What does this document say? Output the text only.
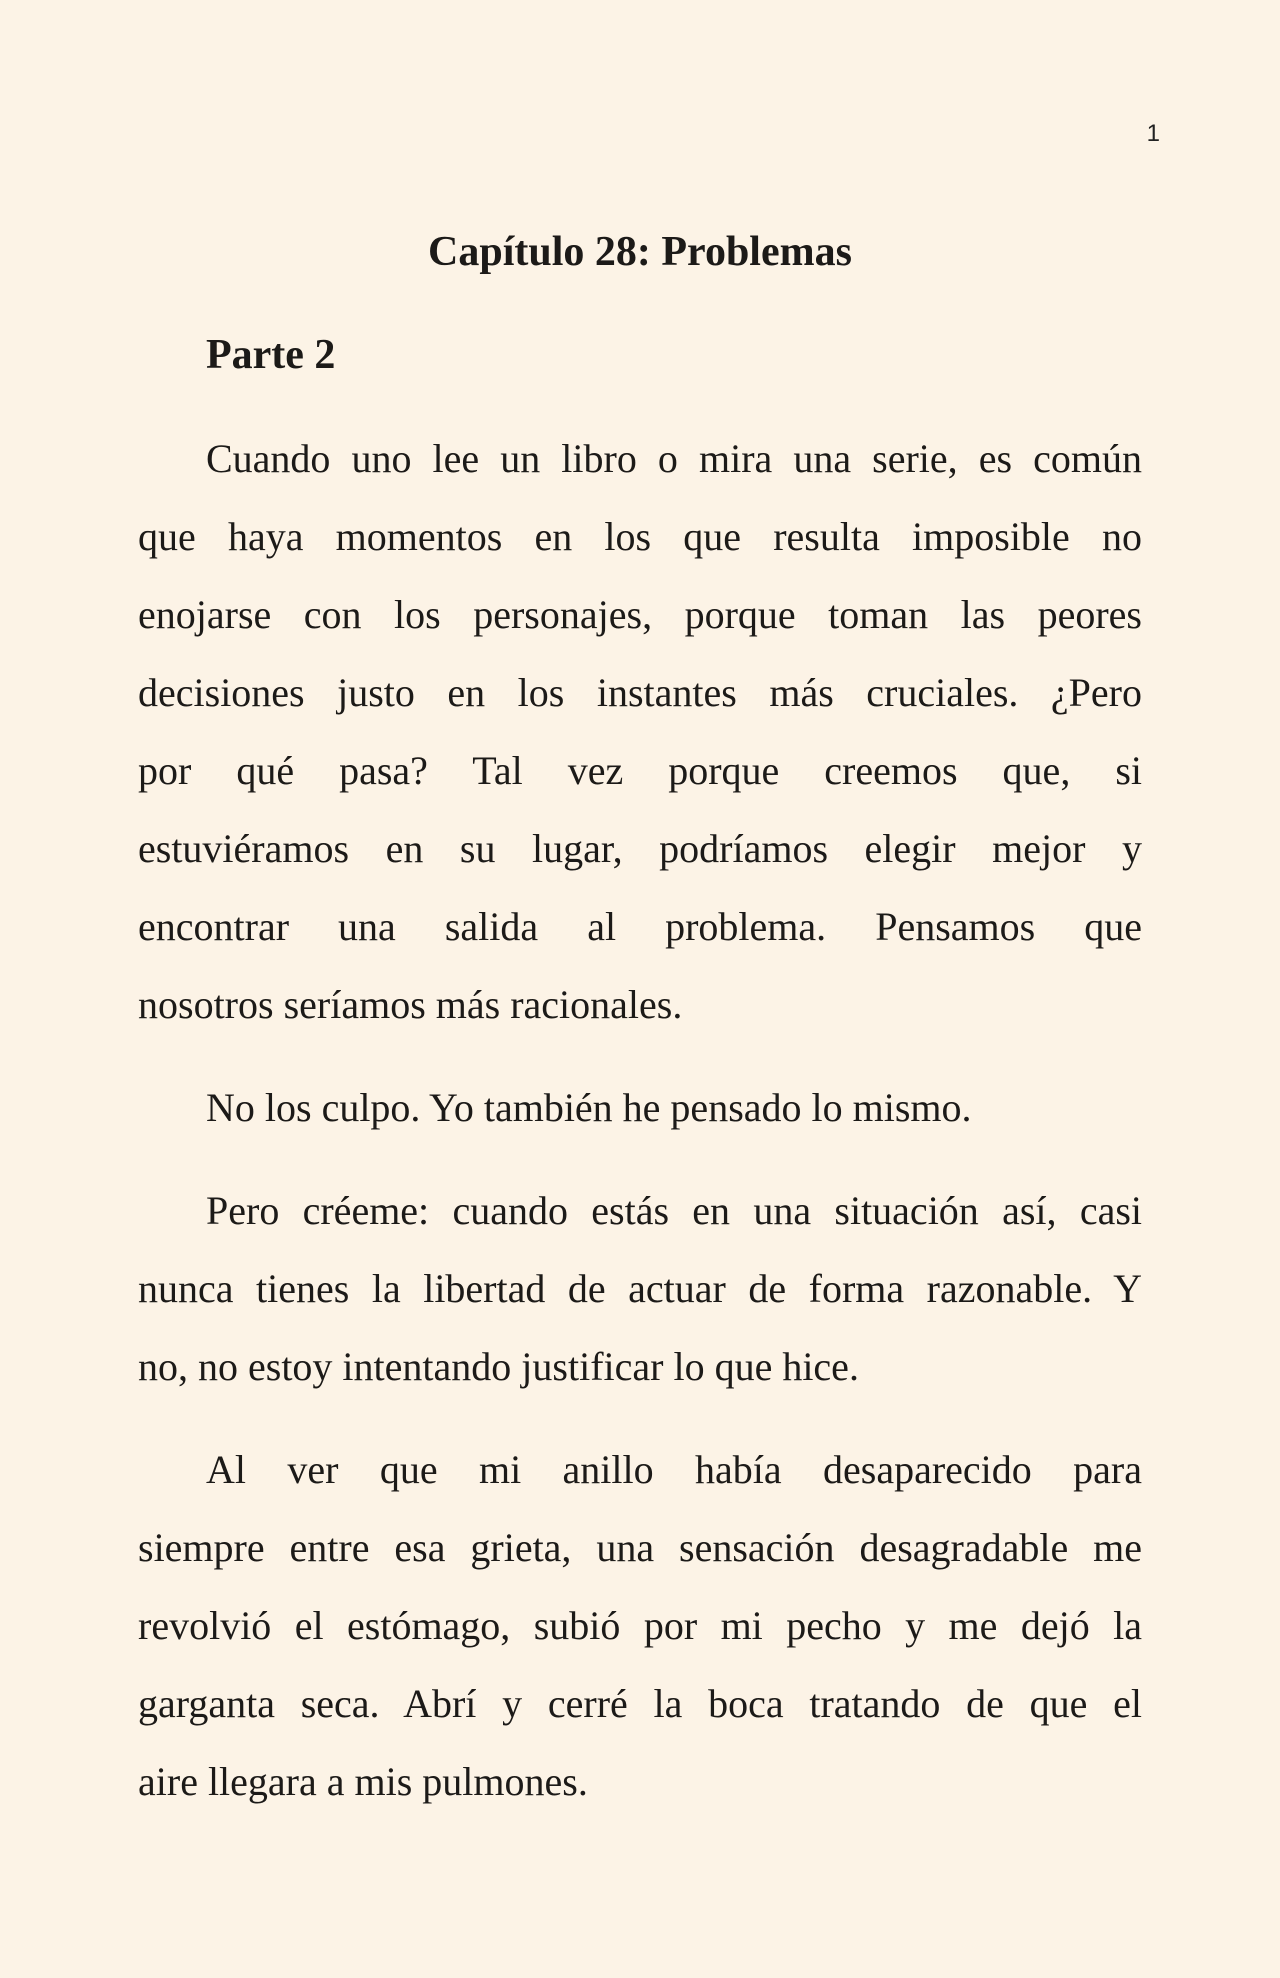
1
Capítulo 28: Problemas
Parte 2
Cuando uno lee un libro o mira una serie, es común
que haya momentos en los que resulta imposible no
enojarse con los personajes, porque toman las peores
decisiones justo en los instantes más cruciales. ¿Pero
por qué pasa? Tal vez porque creemos que, si
estuviéramos en su lugar, podríamos elegir mejor y
encontrar una salida al problema. Pensamos que
nosotros seríamos más racionales.
No los culpo. Yo también he pensado lo mismo.
Pero créeme: cuando estás en una situación así, casi
nunca tienes la libertad de actuar de forma razonable. Y
no, no estoy intentando justificar lo que hice.
Al ver que mi anillo había desaparecido para
siempre entre esa grieta, una sensación desagradable me
revolvió el estómago, subió por mi pecho y me dejó la
garganta seca. Abrí y cerré la boca tratando de que el
aire llegara a mis pulmones.
